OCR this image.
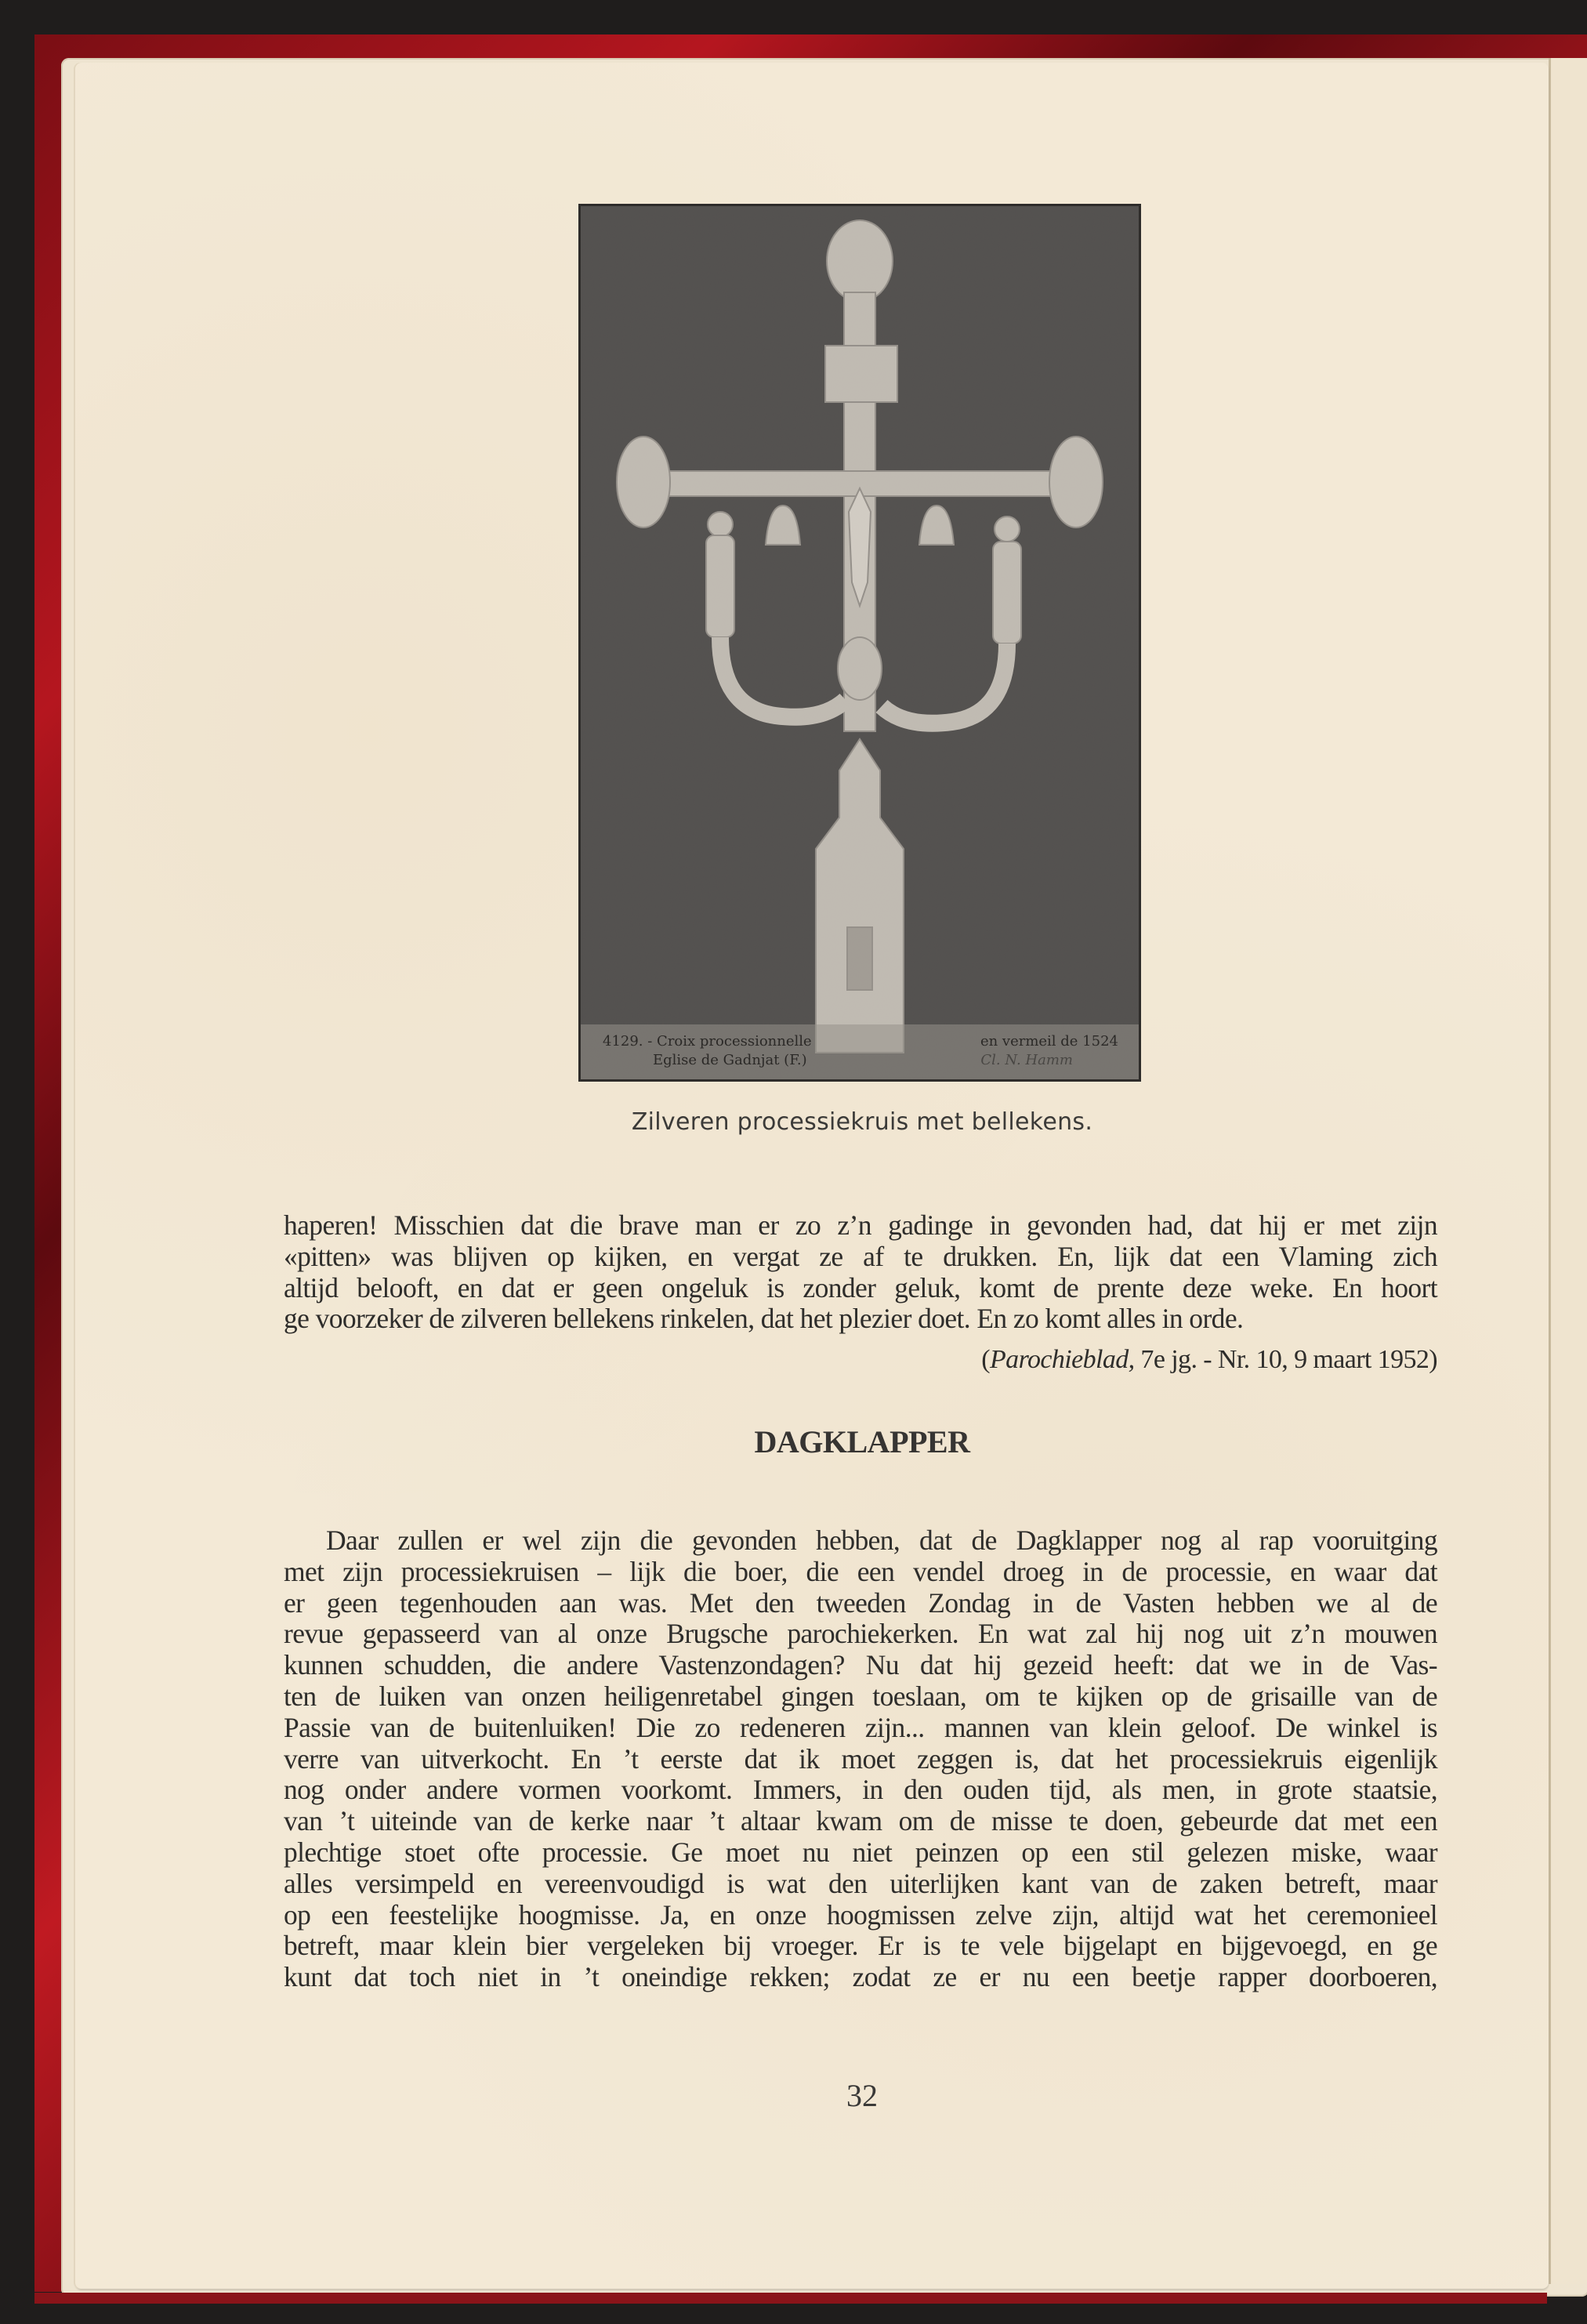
4129. - Croix processionnelle	en vermeil de 1524
Eglise de Gadnjat (F.)	Cl. N. Hamm
Zilveren processiekruis met bellekens.
haperen! Misschien dat die brave man er zo z’n gadinge in gevonden had, dat hij er met zijn
«pitten» was blijven op kijken, en vergat ze af te drukken. En, lijk dat een Vlaming zich
altijd belooft, en dat er geen ongeluk is zonder geluk, komt de prente deze weke. En hoort
ge voorzeker de zilveren bellekens rinkelen, dat het plezier doet. En zo komt alles in orde.
(Parochieblad, 7e jg. - Nr. 10, 9 maart 1952)
DAGKLAPPER
Daar zullen er wel zijn die gevonden hebben, dat de Dagklapper nog al rap vooruitging
met zijn processiekruisen – lijk die boer, die een vendel droeg in de processie, en waar dat
er geen tegenhouden aan was. Met den tweeden Zondag in de Vasten hebben we al de
revue gepasseerd van al onze Brugsche parochiekerken. En wat zal hij nog uit z’n mouwen
kunnen schudden, die andere Vastenzondagen? Nu dat hij gezeid heeft: dat we in de Vas-
ten de luiken van onzen heiligenretabel gingen toeslaan, om te kijken op de grisaille van de
Passie van de buitenluiken! Die zo redeneren zijn... mannen van klein geloof. De winkel is
verre van uitverkocht. En ’t eerste dat ik moet zeggen is, dat het processiekruis eigenlijk
nog onder andere vormen voorkomt. Immers, in den ouden tijd, als men, in grote staatsie,
van ’t uiteinde van de kerke naar ’t altaar kwam om de misse te doen, gebeurde dat met een
plechtige stoet ofte processie. Ge moet nu niet peinzen op een stil gelezen miske, waar
alles versimpeld en vereenvoudigd is wat den uiterlijken kant van de zaken betreft, maar
op een feestelijke hoogmisse. Ja, en onze hoogmissen zelve zijn, altijd wat het ceremonieel
betreft, maar klein bier vergeleken bij vroeger. Er is te vele bijgelapt en bijgevoegd, en ge
kunt dat toch niet in ’t oneindige rekken; zodat ze er nu een beetje rapper doorboeren,
32
